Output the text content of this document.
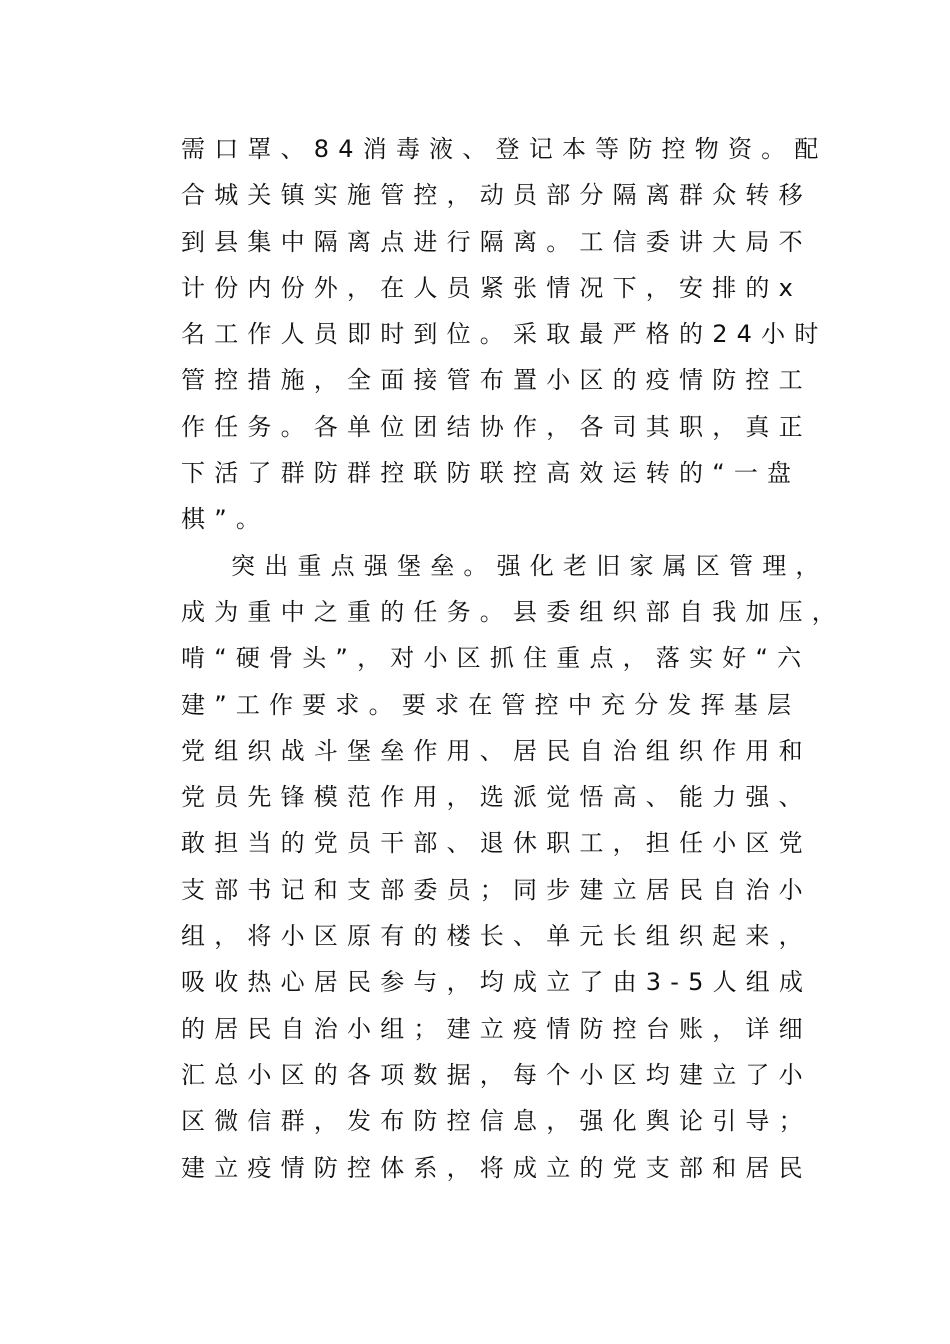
需口罩、84消毒液、登记本等防控物资。配
合城关镇实施管控，动员部分隔离群众转移
到县集中隔离点进行隔离。工信委讲大局不
计份内份外，在人员紧张情况下，安排的x
名工作人员即时到位。采取最严格的24小时
管控措施，全面接管布置小区的疫情防控工
作任务。各单位团结协作，各司其职，真正
下活了群防群控联防联控高效运转的“一盘
棋”。
突出重点强堡垒。强化老旧家属区管理，
成为重中之重的任务。县委组织部自我加压，
啃“硬骨头”，对小区抓住重点，落实好“六
建”工作要求。要求在管控中充分发挥基层
党组织战斗堡垒作用、居民自治组织作用和
党员先锋模范作用，选派觉悟高、能力强、
敢担当的党员干部、退休职工，担任小区党
支部书记和支部委员；同步建立居民自治小
组，将小区原有的楼长、单元长组织起来，
吸收热心居民参与，均成立了由3-5人组成
的居民自治小组；建立疫情防控台账，详细
汇总小区的各项数据，每个小区均建立了小
区微信群，发布防控信息，强化舆论引导；
建立疫情防控体系，将成立的党支部和居民
